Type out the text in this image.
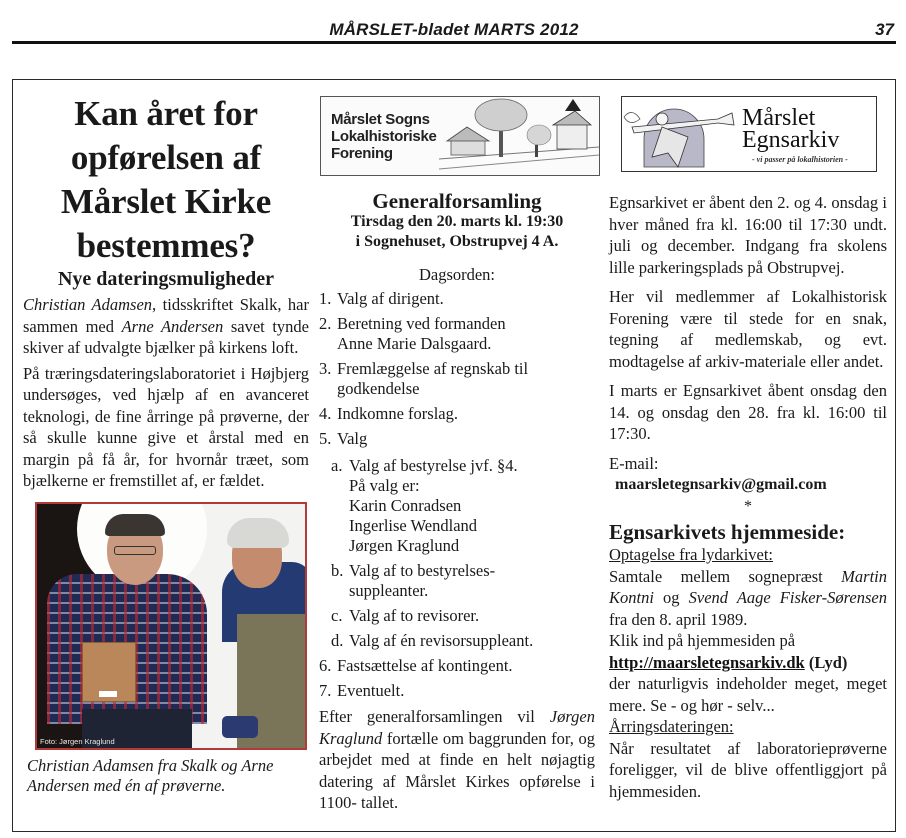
MÅRSLET-bladet MARTS 2012	37
Kan året for
opførelsen af
Mårslet Kirke
bestemmes?
Nye dateringsmuligheder
Christian Adamsen, tidsskriftet Skalk, har sammen med Arne Andersen savet tynde skiver af udvalgte bjælker på kirkens loft.
På træringsdateringslaboratoriet i Højbjerg undersøges, ved hjælp af en avanceret teknologi, de fine årringe på prøverne, der så skulle kunne give et årstal med en margin på få år, for hvornår træet, som bjælkerne er fremstillet af, er fældet.
Foto: Jørgen Kraglund
Christian Adamsen fra Skalk og Arne Andersen med én af prøverne.
Mårslet Sogns
Lokalhistoriske
Forening
Generalforsamling
Tirsdag den 20. marts kl. 19:30
i Sognehuset, Obstrupvej 4 A.
Dagsorden:
1. Valg af dirigent.
2. Beretning ved formanden
Anne Marie Dalsgaard.
3. Fremlæggelse af regnskab til
godkendelse
4. Indkomne forslag.
5. Valg
a. Valg af bestyrelse jvf. §4.
På valg er:
Karin Conradsen
Ingerlise Wendland
Jørgen Kraglund
b. Valg af to bestyrelses-
suppleanter.
c. Valg af to revisorer.
d. Valg af én revisorsuppleant.
6. Fastsættelse af kontingent.
7. Eventuelt.
Efter generalforsamlingen vil Jørgen Kraglund fortælle om baggrunden for, og arbejdet med at finde en helt nøjagtig datering af Mårslet Kirkes opførelse i 1100- tallet.
Mårslet
Egnsarkiv
- vi passer på lokalhistorien -
Egnsarkivet er åbent den 2. og 4. onsdag i hver måned fra kl. 16:00 til 17:30 undt. juli og december. Indgang fra skolens lille parkeringsplads på Obstrupvej.
Her vil medlemmer af Lokalhistorisk Forening være til stede for en snak, tegning af medlemskab, og evt. modtagelse af arkiv-materiale eller andet.
I marts er Egnsarkivet åbent onsdag den 14. og onsdag den 28. fra kl. 16:00 til 17:30.
E-mail:
maarsletegnsarkiv@gmail.com
*
Egnsarkivets hjemmeside:
Optagelse fra lydarkivet:
Samtale mellem sognepræst Martin Kontni og Svend Aage Fisker-Sørensen fra den 8. april 1989.
Klik ind på hjemmesiden på
http://maarsletegnsarkiv.dk (Lyd)
der naturligvis indeholder meget, meget mere. Se - og hør - selv...
Årringsdateringen:
Når resultatet af laboratorieprøverne foreligger, vil de blive offentliggjort på hjemmesiden.
